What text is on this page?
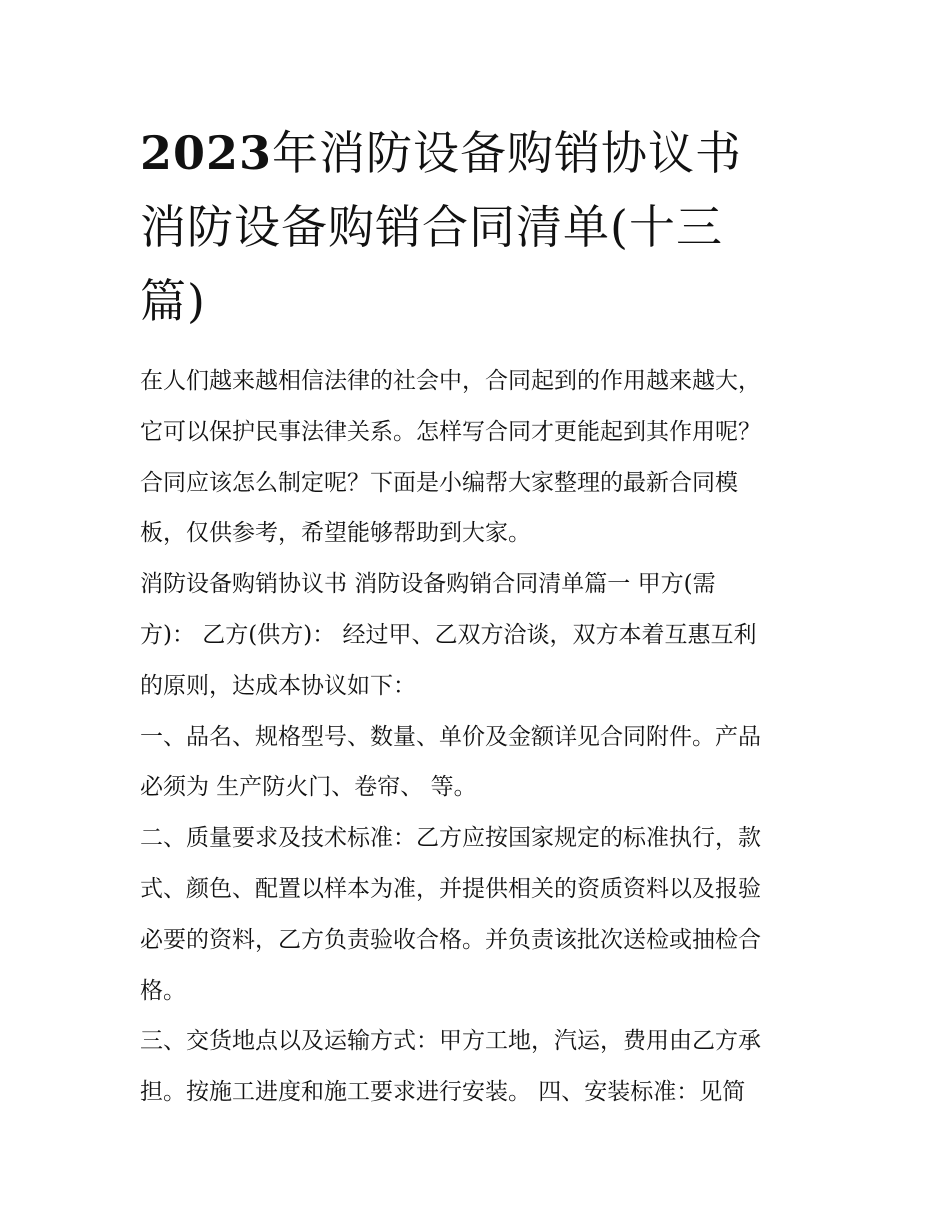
2023年消防设备购销协议书
消防设备购销合同清单(十三
篇)

在人们越来越相信法律的社会中，合同起到的作用越来越大，
它可以保护民事法律关系。怎样写合同才更能起到其作用呢？
合同应该怎么制定呢？下面是小编帮大家整理的最新合同模
板，仅供参考，希望能够帮助到大家。

消防设备购销协议书 消防设备购销合同清单篇一 甲方(需
方)： 乙方(供方)： 经过甲、乙双方洽谈，双方本着互惠互利
的原则，达成本协议如下：

一、品名、规格型号、数量、单价及金额详见合同附件。产品
必须为 生产防火门、卷帘、 等。

二、质量要求及技术标准：乙方应按国家规定的标准执行，款
式、颜色、配置以样本为准，并提供相关的资质资料以及报验
必要的资料，乙方负责验收合格。并负责该批次送检或抽检合
格。

三、交货地点以及运输方式：甲方工地，汽运，费用由乙方承
担。按施工进度和施工要求进行安装。 四、安装标准：见简
